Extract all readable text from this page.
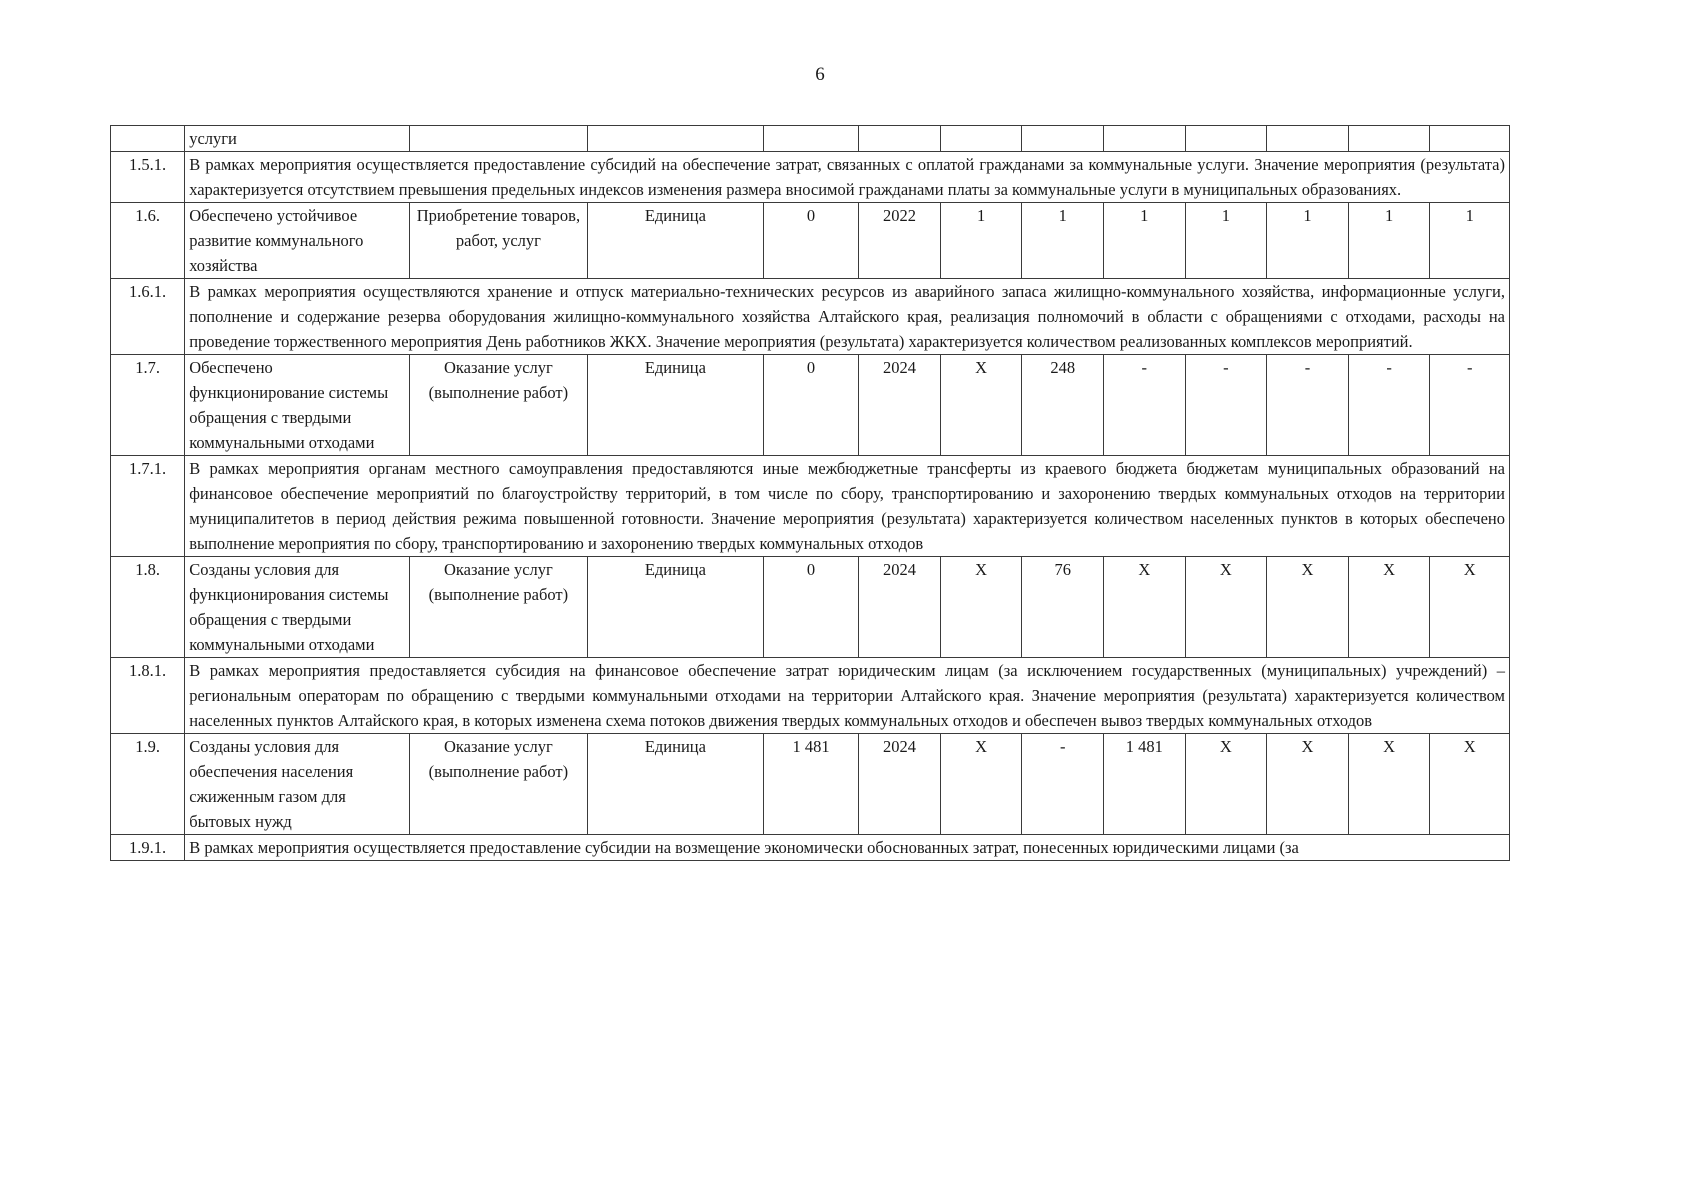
6
	услуги											
1.5.1.	В рамках мероприятия осуществляется предоставление субсидий на обеспечение затрат, связанных с оплатой гражданами за коммунальные услуги. Значение мероприятия (результата) характеризуется отсутствием превышения предельных индексов изменения размера вносимой гражданами платы за коммунальные услуги в муниципальных образованиях.											
1.6.	Обеспечено устойчивое развитие коммунального хозяйства	Приобретение товаров, работ, услуг	Единица	0	2022	1	1	1	1	1	1	1
1.6.1.	В рамках мероприятия осуществляются хранение и отпуск материально-технических ресурсов из аварийного запаса жилищно-коммунального хозяйства, информационные услуги, пополнение и содержание резерва оборудования жилищно-коммунального хозяйства Алтайского края, реализация полномочий в области с обращениями с отходами, расходы на проведение торжественного мероприятия День работников ЖКХ. Значение мероприятия (результата) характеризуется количеством реализованных комплексов мероприятий.											
1.7.	Обеспечено функционирование системы обращения с твердыми коммунальными отходами	Оказание услуг (выполнение работ)	Единица	0	2024	X	248	-	-	-	-	-
1.7.1.	В рамках мероприятия органам местного самоуправления предоставляются иные межбюджетные трансферты из краевого бюджета бюджетам муниципальных образований на финансовое обеспечение мероприятий по благоустройству территорий, в том числе по сбору, транспортированию и захоронению твердых коммунальных отходов на территории муниципалитетов в период действия режима повышенной готовности. Значение мероприятия (результата) характеризуется количеством населенных пунктов в которых обеспечено выполнение мероприятия по сбору, транспортированию и захоронению твердых коммунальных отходов											
1.8.	Созданы условия для функционирования системы обращения с твердыми коммунальными отходами	Оказание услуг (выполнение работ)	Единица	0	2024	X	76	X	X	X	X	X
1.8.1.	В рамках мероприятия предоставляется субсидия на финансовое обеспечение затрат юридическим лицам (за исключением государственных (муниципальных) учреждений) – региональным операторам по обращению с твердыми коммунальными отходами на территории Алтайского края. Значение мероприятия (результата) характеризуется количеством населенных пунктов Алтайского края, в которых изменена схема потоков движения твердых коммунальных отходов и обеспечен вывоз твердых коммунальных отходов											
1.9.	Созданы условия для обеспечения населения сжиженным газом для бытовых нужд	Оказание услуг (выполнение работ)	Единица	1 481	2024	X	-	1 481	X	X	X	X
1.9.1.	В рамках мероприятия осуществляется предоставление субсидии на возмещение экономически обоснованных затрат, понесенных юридическими лицами (за											
